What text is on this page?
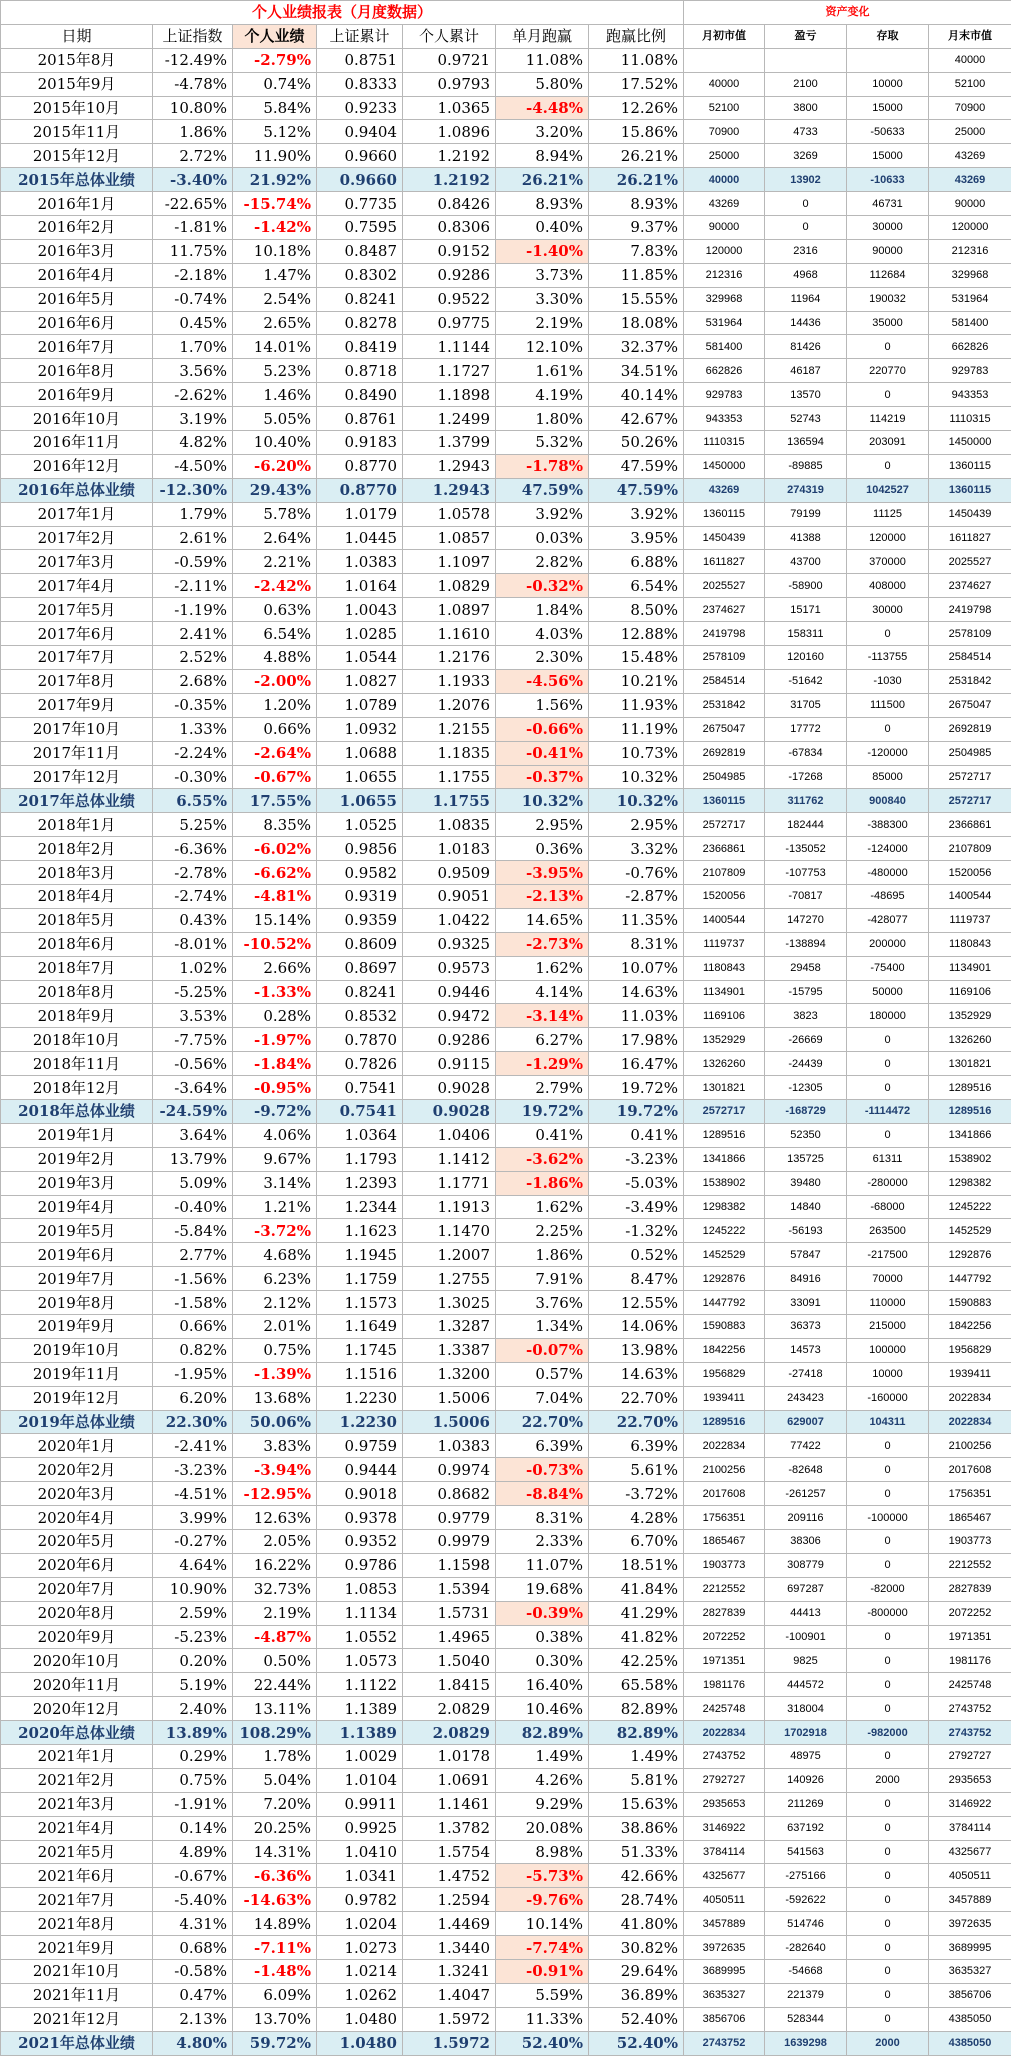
个人业绩报表（月度数据）						
日期	上证指数	个人业绩	上证累计	个人累计	单月跑赢	跑赢比例
2015年8月	-12.49%	-2.79%	0.8751	0.9721	11.08%	11.08%
2015年9月	-4.78%	0.74%	0.8333	0.9793	5.80%	17.52%
2015年10月	10.80%	5.84%	0.9233	1.0365	-4.48%	12.26%
2015年11月	1.86%	5.12%	0.9404	1.0896	3.20%	15.86%
2015年12月	2.72%	11.90%	0.9660	1.2192	8.94%	26.21%
2015年总体业绩	-3.40%	21.92%	0.9660	1.2192	26.21%	26.21%
2016年1月	-22.65%	-15.74%	0.7735	0.8426	8.93%	8.93%
2016年2月	-1.81%	-1.42%	0.7595	0.8306	0.40%	9.37%
2016年3月	11.75%	10.18%	0.8487	0.9152	-1.40%	7.83%
2016年4月	-2.18%	1.47%	0.8302	0.9286	3.73%	11.85%
2016年5月	-0.74%	2.54%	0.8241	0.9522	3.30%	15.55%
2016年6月	0.45%	2.65%	0.8278	0.9775	2.19%	18.08%
2016年7月	1.70%	14.01%	0.8419	1.1144	12.10%	32.37%
2016年8月	3.56%	5.23%	0.8718	1.1727	1.61%	34.51%
2016年9月	-2.62%	1.46%	0.8490	1.1898	4.19%	40.14%
2016年10月	3.19%	5.05%	0.8761	1.2499	1.80%	42.67%
2016年11月	4.82%	10.40%	0.9183	1.3799	5.32%	50.26%
2016年12月	-4.50%	-6.20%	0.8770	1.2943	-1.78%	47.59%
2016年总体业绩	-12.30%	29.43%	0.8770	1.2943	47.59%	47.59%
2017年1月	1.79%	5.78%	1.0179	1.0578	3.92%	3.92%
2017年2月	2.61%	2.64%	1.0445	1.0857	0.03%	3.95%
2017年3月	-0.59%	2.21%	1.0383	1.1097	2.82%	6.88%
2017年4月	-2.11%	-2.42%	1.0164	1.0829	-0.32%	6.54%
2017年5月	-1.19%	0.63%	1.0043	1.0897	1.84%	8.50%
2017年6月	2.41%	6.54%	1.0285	1.1610	4.03%	12.88%
2017年7月	2.52%	4.88%	1.0544	1.2176	2.30%	15.48%
2017年8月	2.68%	-2.00%	1.0827	1.1933	-4.56%	10.21%
2017年9月	-0.35%	1.20%	1.0789	1.2076	1.56%	11.93%
2017年10月	1.33%	0.66%	1.0932	1.2155	-0.66%	11.19%
2017年11月	-2.24%	-2.64%	1.0688	1.1835	-0.41%	10.73%
2017年12月	-0.30%	-0.67%	1.0655	1.1755	-0.37%	10.32%
2017年总体业绩	6.55%	17.55%	1.0655	1.1755	10.32%	10.32%
2018年1月	5.25%	8.35%	1.0525	1.0835	2.95%	2.95%
2018年2月	-6.36%	-6.02%	0.9856	1.0183	0.36%	3.32%
2018年3月	-2.78%	-6.62%	0.9582	0.9509	-3.95%	-0.76%
2018年4月	-2.74%	-4.81%	0.9319	0.9051	-2.13%	-2.87%
2018年5月	0.43%	15.14%	0.9359	1.0422	14.65%	11.35%
2018年6月	-8.01%	-10.52%	0.8609	0.9325	-2.73%	8.31%
2018年7月	1.02%	2.66%	0.8697	0.9573	1.62%	10.07%
2018年8月	-5.25%	-1.33%	0.8241	0.9446	4.14%	14.63%
2018年9月	3.53%	0.28%	0.8532	0.9472	-3.14%	11.03%
2018年10月	-7.75%	-1.97%	0.7870	0.9286	6.27%	17.98%
2018年11月	-0.56%	-1.84%	0.7826	0.9115	-1.29%	16.47%
2018年12月	-3.64%	-0.95%	0.7541	0.9028	2.79%	19.72%
2018年总体业绩	-24.59%	-9.72%	0.7541	0.9028	19.72%	19.72%
2019年1月	3.64%	4.06%	1.0364	1.0406	0.41%	0.41%
2019年2月	13.79%	9.67%	1.1793	1.1412	-3.62%	-3.23%
2019年3月	5.09%	3.14%	1.2393	1.1771	-1.86%	-5.03%
2019年4月	-0.40%	1.21%	1.2344	1.1913	1.62%	-3.49%
2019年5月	-5.84%	-3.72%	1.1623	1.1470	2.25%	-1.32%
2019年6月	2.77%	4.68%	1.1945	1.2007	1.86%	0.52%
2019年7月	-1.56%	6.23%	1.1759	1.2755	7.91%	8.47%
2019年8月	-1.58%	2.12%	1.1573	1.3025	3.76%	12.55%
2019年9月	0.66%	2.01%	1.1649	1.3287	1.34%	14.06%
2019年10月	0.82%	0.75%	1.1745	1.3387	-0.07%	13.98%
2019年11月	-1.95%	-1.39%	1.1516	1.3200	0.57%	14.63%
2019年12月	6.20%	13.68%	1.2230	1.5006	7.04%	22.70%
2019年总体业绩	22.30%	50.06%	1.2230	1.5006	22.70%	22.70%
2020年1月	-2.41%	3.83%	0.9759	1.0383	6.39%	6.39%
2020年2月	-3.23%	-3.94%	0.9444	0.9974	-0.73%	5.61%
2020年3月	-4.51%	-12.95%	0.9018	0.8682	-8.84%	-3.72%
2020年4月	3.99%	12.63%	0.9378	0.9779	8.31%	4.28%
2020年5月	-0.27%	2.05%	0.9352	0.9979	2.33%	6.70%
2020年6月	4.64%	16.22%	0.9786	1.1598	11.07%	18.51%
2020年7月	10.90%	32.73%	1.0853	1.5394	19.68%	41.84%
2020年8月	2.59%	2.19%	1.1134	1.5731	-0.39%	41.29%
2020年9月	-5.23%	-4.87%	1.0552	1.4965	0.38%	41.82%
2020年10月	0.20%	0.50%	1.0573	1.5040	0.30%	42.25%
2020年11月	5.19%	22.44%	1.1122	1.8415	16.40%	65.58%
2020年12月	2.40%	13.11%	1.1389	2.0829	10.46%	82.89%
2020年总体业绩	13.89%	108.29%	1.1389	2.0829	82.89%	82.89%
2021年1月	0.29%	1.78%	1.0029	1.0178	1.49%	1.49%
2021年2月	0.75%	5.04%	1.0104	1.0691	4.26%	5.81%
2021年3月	-1.91%	7.20%	0.9911	1.1461	9.29%	15.63%
2021年4月	0.14%	20.25%	0.9925	1.3782	20.08%	38.86%
2021年5月	4.89%	14.31%	1.0410	1.5754	8.98%	51.33%
2021年6月	-0.67%	-6.36%	1.0341	1.4752	-5.73%	42.66%
2021年7月	-5.40%	-14.63%	0.9782	1.2594	-9.76%	28.74%
2021年8月	4.31%	14.89%	1.0204	1.4469	10.14%	41.80%
2021年9月	0.68%	-7.11%	1.0273	1.3440	-7.74%	30.82%
2021年10月	-0.58%	-1.48%	1.0214	1.3241	-0.91%	29.64%
2021年11月	0.47%	6.09%	1.0262	1.4047	5.59%	36.89%
2021年12月	2.13%	13.70%	1.0480	1.5972	11.33%	52.40%
2021年总体业绩	4.80%	59.72%	1.0480	1.5972	52.40%	52.40%
资产变化			
月初市值	盈亏	存取	月末市值
			40000
40000	2100	10000	52100
52100	3800	15000	70900
70900	4733	-50633	25000
25000	3269	15000	43269
40000	13902	-10633	43269
43269	0	46731	90000
90000	0	30000	120000
120000	2316	90000	212316
212316	4968	112684	329968
329968	11964	190032	531964
531964	14436	35000	581400
581400	81426	0	662826
662826	46187	220770	929783
929783	13570	0	943353
943353	52743	114219	1110315
1110315	136594	203091	1450000
1450000	-89885	0	1360115
43269	274319	1042527	1360115
1360115	79199	11125	1450439
1450439	41388	120000	1611827
1611827	43700	370000	2025527
2025527	-58900	408000	2374627
2374627	15171	30000	2419798
2419798	158311	0	2578109
2578109	120160	-113755	2584514
2584514	-51642	-1030	2531842
2531842	31705	111500	2675047
2675047	17772	0	2692819
2692819	-67834	-120000	2504985
2504985	-17268	85000	2572717
1360115	311762	900840	2572717
2572717	182444	-388300	2366861
2366861	-135052	-124000	2107809
2107809	-107753	-480000	1520056
1520056	-70817	-48695	1400544
1400544	147270	-428077	1119737
1119737	-138894	200000	1180843
1180843	29458	-75400	1134901
1134901	-15795	50000	1169106
1169106	3823	180000	1352929
1352929	-26669	0	1326260
1326260	-24439	0	1301821
1301821	-12305	0	1289516
2572717	-168729	-1114472	1289516
1289516	52350	0	1341866
1341866	135725	61311	1538902
1538902	39480	-280000	1298382
1298382	14840	-68000	1245222
1245222	-56193	263500	1452529
1452529	57847	-217500	1292876
1292876	84916	70000	1447792
1447792	33091	110000	1590883
1590883	36373	215000	1842256
1842256	14573	100000	1956829
1956829	-27418	10000	1939411
1939411	243423	-160000	2022834
1289516	629007	104311	2022834
2022834	77422	0	2100256
2100256	-82648	0	2017608
2017608	-261257	0	1756351
1756351	209116	-100000	1865467
1865467	38306	0	1903773
1903773	308779	0	2212552
2212552	697287	-82000	2827839
2827839	44413	-800000	2072252
2072252	-100901	0	1971351
1971351	9825	0	1981176
1981176	444572	0	2425748
2425748	318004	0	2743752
2022834	1702918	-982000	2743752
2743752	48975	0	2792727
2792727	140926	2000	2935653
2935653	211269	0	3146922
3146922	637192	0	3784114
3784114	541563	0	4325677
4325677	-275166	0	4050511
4050511	-592622	0	3457889
3457889	514746	0	3972635
3972635	-282640	0	3689995
3689995	-54668	0	3635327
3635327	221379	0	3856706
3856706	528344	0	4385050
2743752	1639298	2000	4385050
